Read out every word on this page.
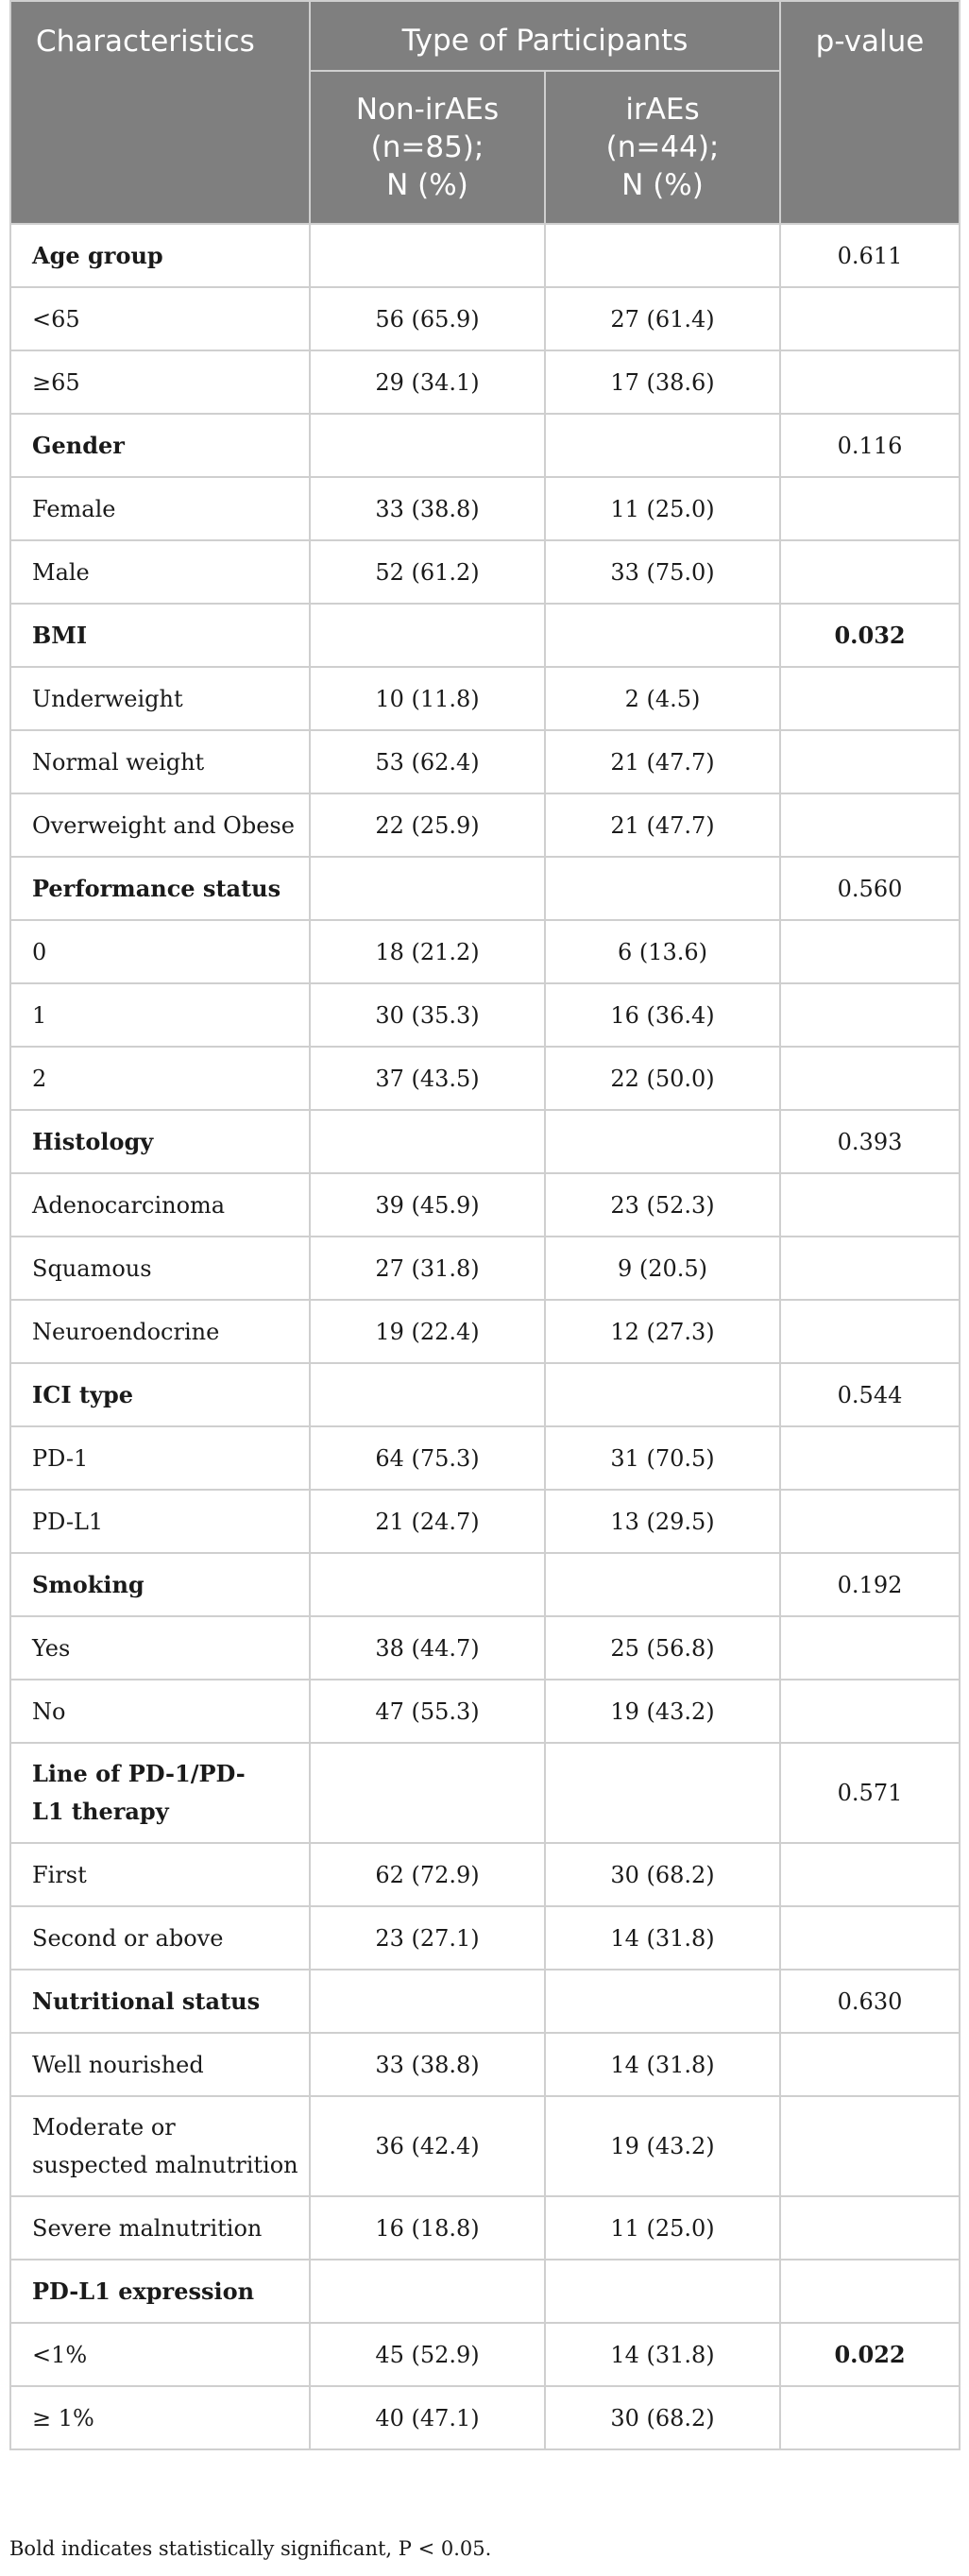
Characteristics	Type of Participants		p-value
	Non-irAEs
(n=85);
N (%)	irAEs
(n=44);
N (%)	
Age group			0.611
<65	56 (65.9)	27 (61.4)	
≥65	29 (34.1)	17 (38.6)	
Gender			0.116
Female	33 (38.8)	11 (25.0)	
Male	52 (61.2)	33 (75.0)	
BMI			0.032
Underweight	10 (11.8)	2 (4.5)	
Normal weight	53 (62.4)	21 (47.7)	
Overweight and Obese	22 (25.9)	21 (47.7)	
Performance status			0.560
0	18 (21.2)	6 (13.6)	
1	30 (35.3)	16 (36.4)	
2	37 (43.5)	22 (50.0)	
Histology			0.393
Adenocarcinoma	39 (45.9)	23 (52.3)	
Squamous	27 (31.8)	9 (20.5)	
Neuroendocrine	19 (22.4)	12 (27.3)	
ICI type			0.544
PD-1	64 (75.3)	31 (70.5)	
PD-L1	21 (24.7)	13 (29.5)	
Smoking			0.192
Yes	38 (44.7)	25 (56.8)	
No	47 (55.3)	19 (43.2)	
Line of PD-1/PD-
L1 therapy			0.571
First	62 (72.9)	30 (68.2)	
Second or above	23 (27.1)	14 (31.8)	
Nutritional status			0.630
Well nourished	33 (38.8)	14 (31.8)	
Moderate or
suspected malnutrition	36 (42.4)	19 (43.2)	
Severe malnutrition	16 (18.8)	11 (25.0)	
PD-L1 expression			
<1%	45 (52.9)	14 (31.8)	0.022
≥ 1%	40 (47.1)	30 (68.2)	
Bold indicates statistically significant, P < 0.05.
